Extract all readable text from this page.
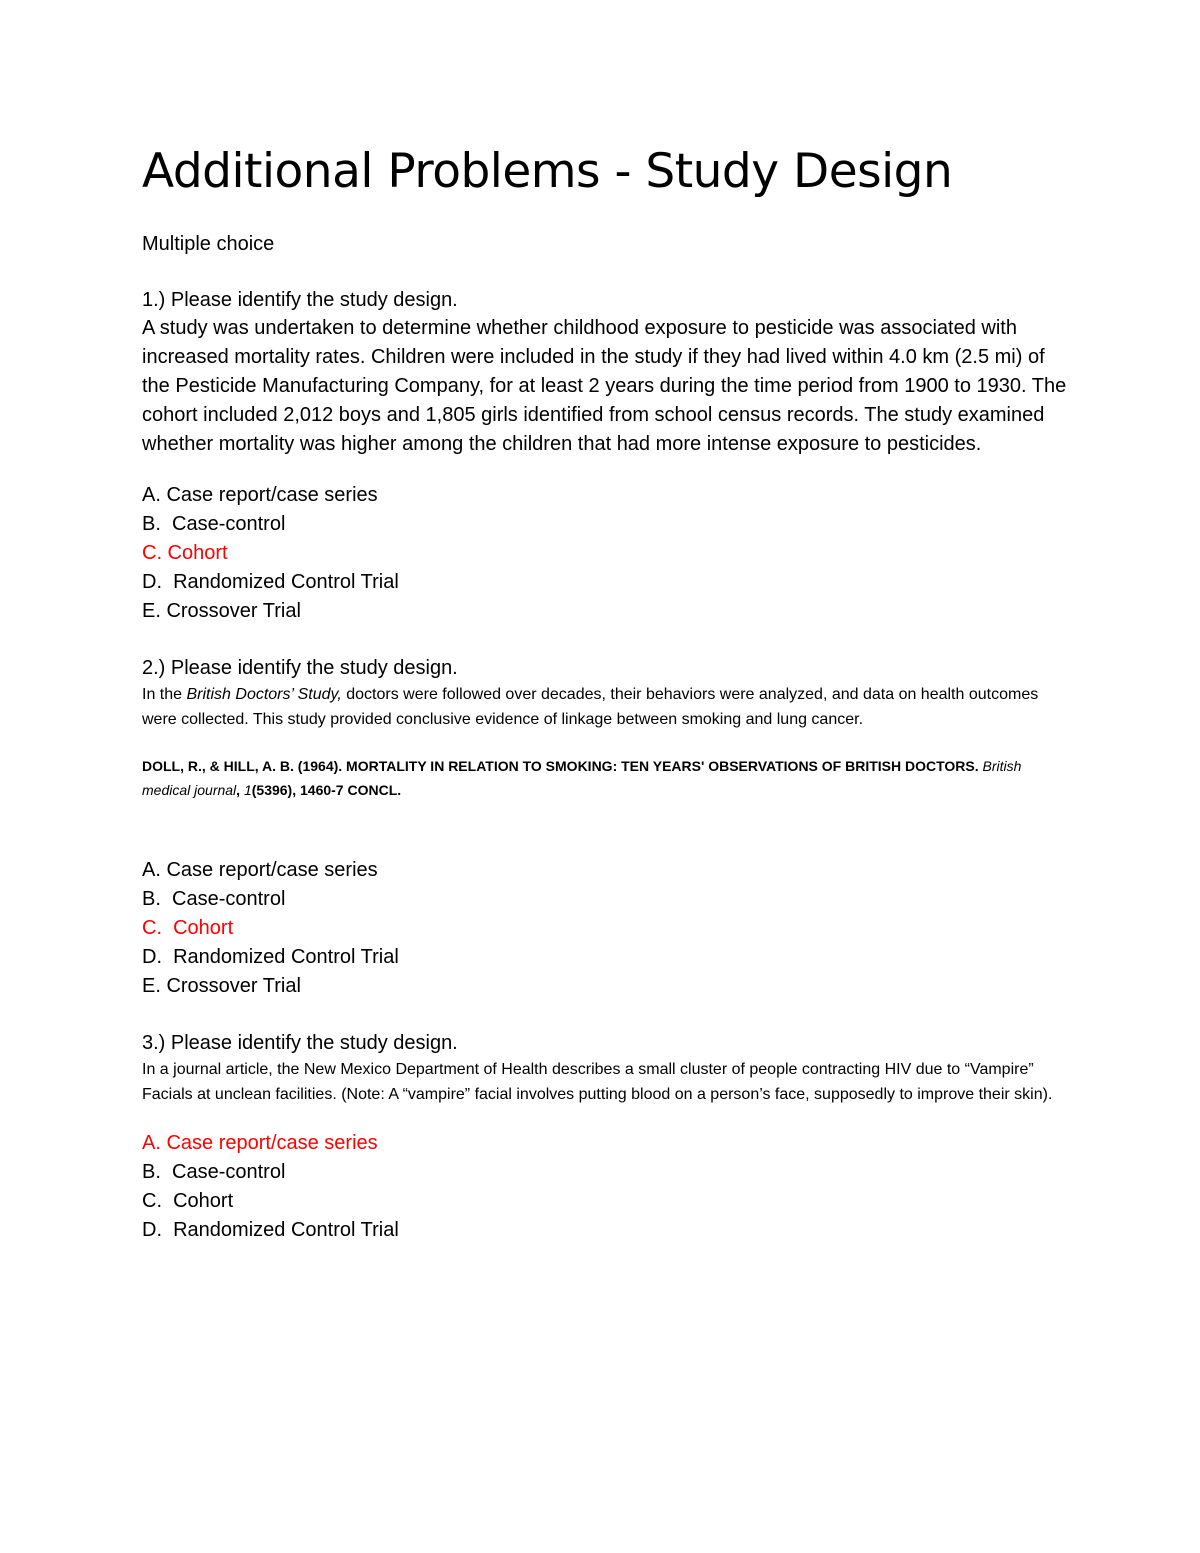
Additional Problems - Study Design
Multiple choice
1.) Please identify the study design.
A study was undertaken to determine whether childhood exposure to pesticide was associated with increased mortality rates. Children were included in the study if they had lived within 4.0 km (2.5 mi) of the Pesticide Manufacturing Company, for at least 2 years during the time period from 1900 to 1930. The cohort included 2,012 boys and 1,805 girls identified from school census records. The study examined whether mortality was higher among the children that had more intense exposure to pesticides.
A. Case report/case series
B.  Case-control
C. Cohort
D.  Randomized Control Trial
E. Crossover Trial
2.) Please identify the study design.
In the British Doctors’ Study, doctors were followed over decades, their behaviors were analyzed, and data on health outcomes were collected. This study provided conclusive evidence of linkage between smoking and lung cancer.
DOLL, R., & HILL, A. B. (1964). MORTALITY IN RELATION TO SMOKING: TEN YEARS' OBSERVATIONS OF BRITISH DOCTORS. British medical journal, 1(5396), 1460-7 CONCL.
A. Case report/case series
B.  Case-control
C.  Cohort
D.  Randomized Control Trial
E. Crossover Trial
3.) Please identify the study design.
In a journal article, the New Mexico Department of Health describes a small cluster of people contracting HIV due to “Vampire” Facials at unclean facilities. (Note: A “vampire” facial involves putting blood on a person’s face, supposedly to improve their skin).
A. Case report/case series
B.  Case-control
C.  Cohort
D.  Randomized Control Trial
